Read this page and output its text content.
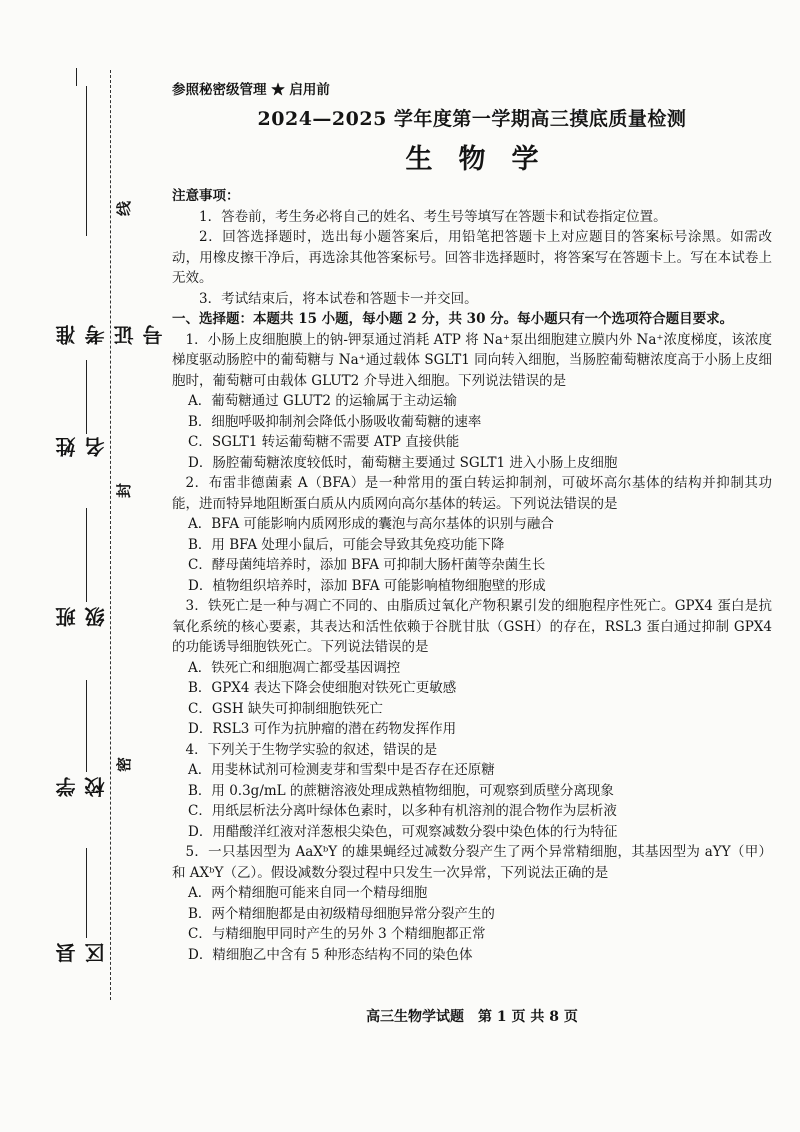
线
封
密
准考证号
姓名
班级
学校
县区
参照秘密级管理 ★ 启用前
2024—2025 学年度第一学期高三摸底质量检测
生物学

注意事项：

1．答卷前，考生务必将自己的姓名、考生号等填写在答题卡和试卷指定位置。

2．回答选择题时，选出每小题答案后，用铅笔把答题卡上对应题目的答案标号涂黑。如需改动，用橡皮擦干净后，再选涂其他答案标号。回答非选择题时，将答案写在答题卡上。写在本试卷上无效。

3．考试结束后，将本试卷和答题卡一并交回。

一、选择题：本题共 15 小题，每小题 2 分，共 30 分。每小题只有一个选项符合题目要求。

1．小肠上皮细胞膜上的钠-钾泵通过消耗 ATP 将 Na⁺泵出细胞建立膜内外 Na⁺浓度梯度，该浓度梯度驱动肠腔中的葡萄糖与 Na⁺通过载体 SGLT1 同向转入细胞，当肠腔葡萄糖浓度高于小肠上皮细胞时，葡萄糖可由载体 GLUT2 介导进入细胞。下列说法错误的是

A．葡萄糖通过 GLUT2 的运输属于主动运输

B．细胞呼吸抑制剂会降低小肠吸收葡萄糖的速率

C．SGLT1 转运葡萄糖不需要 ATP 直接供能

D．肠腔葡萄糖浓度较低时，葡萄糖主要通过 SGLT1 进入小肠上皮细胞

2．布雷非德菌素 A（BFA）是一种常用的蛋白转运抑制剂，可破坏高尔基体的结构并抑制其功能，进而特异地阻断蛋白质从内质网向高尔基体的转运。下列说法错误的是

A．BFA 可能影响内质网形成的囊泡与高尔基体的识别与融合

B．用 BFA 处理小鼠后，可能会导致其免疫功能下降

C．酵母菌纯培养时，添加 BFA 可抑制大肠杆菌等杂菌生长

D．植物组织培养时，添加 BFA 可能影响植物细胞壁的形成

3．铁死亡是一种与凋亡不同的、由脂质过氧化产物积累引发的细胞程序性死亡。GPX4 蛋白是抗氧化系统的核心要素，其表达和活性依赖于谷胱甘肽（GSH）的存在，RSL3 蛋白通过抑制 GPX4 的功能诱导细胞铁死亡。下列说法错误的是

A．铁死亡和细胞凋亡都受基因调控

B．GPX4 表达下降会使细胞对铁死亡更敏感

C．GSH 缺失可抑制细胞铁死亡

D．RSL3 可作为抗肿瘤的潜在药物发挥作用

4．下列关于生物学实验的叙述，错误的是

A．用斐林试剂可检测麦芽和雪梨中是否存在还原糖

B．用 0.3g/mL 的蔗糖溶液处理成熟植物细胞，可观察到质壁分离现象

C．用纸层析法分离叶绿体色素时，以多种有机溶剂的混合物作为层析液

D．用醋酸洋红液对洋葱根尖染色，可观察减数分裂中染色体的行为特征

5．一只基因型为 AaXᵇY 的雄果蝇经过减数分裂产生了两个异常精细胞，其基因型为 aYY（甲）和 AXᵇY（乙）。假设减数分裂过程中只发生一次异常，下列说法正确的是

A．两个精细胞可能来自同一个精母细胞

B．两个精细胞都是由初级精母细胞异常分裂产生的

C．与精细胞甲同时产生的另外 3 个精细胞都正常

D．精细胞乙中含有 5 种形态结构不同的染色体

高三生物学试题　第 1 页 共 8 页
